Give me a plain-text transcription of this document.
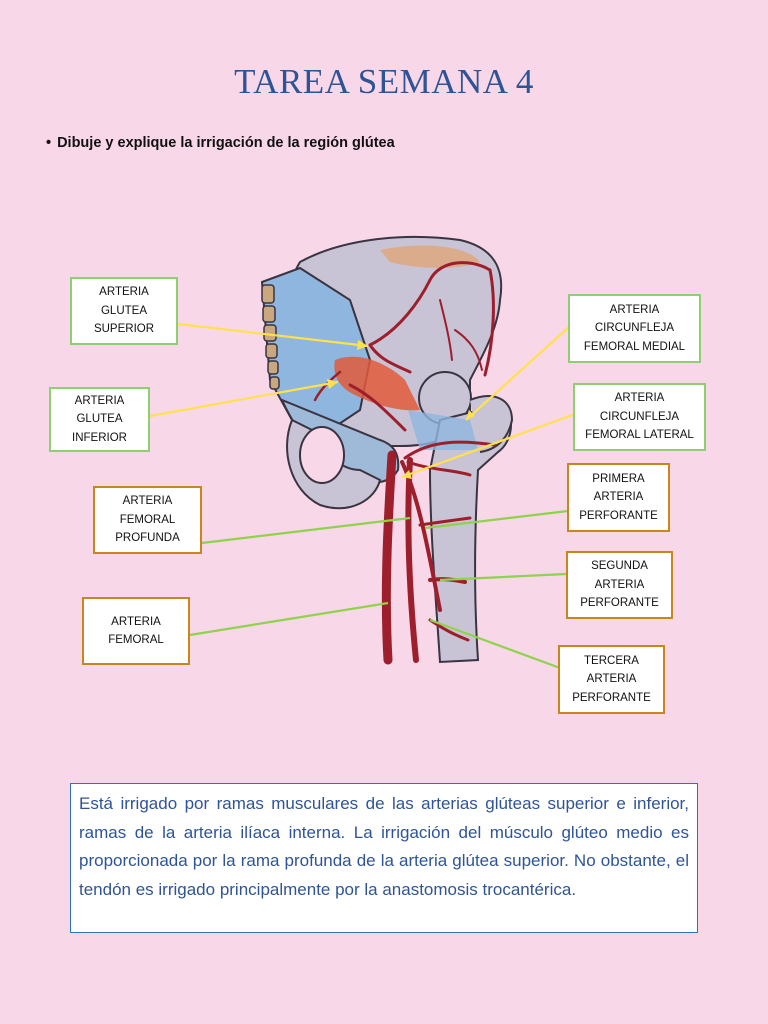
TAREA SEMANA 4
• Dibuje y explique la irrigación de la región glútea
ARTERIA
GLUTEA
SUPERIOR
ARTERIA
GLUTEA
INFERIOR
ARTERIA
FEMORAL
PROFUNDA
ARTERIA
FEMORAL
ARTERIA
CIRCUNFLEJA
FEMORAL MEDIAL
ARTERIA
CIRCUNFLEJA
FEMORAL LATERAL
PRIMERA
ARTERIA
PERFORANTE
SEGUNDA
ARTERIA
PERFORANTE
TERCERA
ARTERIA
PERFORANTE
Está irrigado por ramas musculares de las arterias glúteas superior e inferior, ramas de la arteria ilíaca interna. La irrigación del músculo glúteo medio es proporcionada por la rama profunda de la arteria glútea superior. No obstante, el tendón es irrigado principalmente por la anastomosis trocantérica.
